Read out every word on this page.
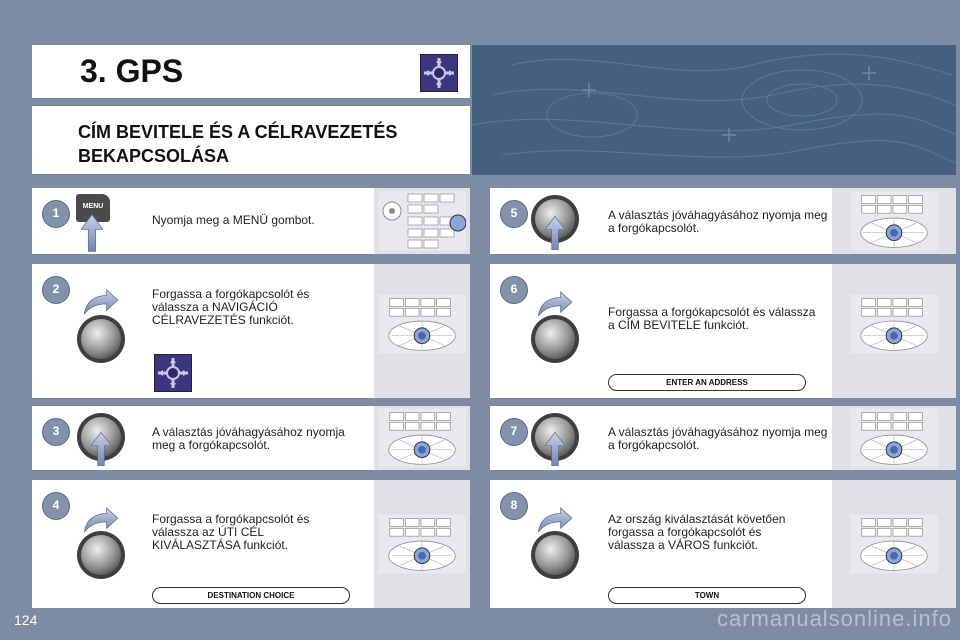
3. GPS
CÍM BEVITELE ÉS A CÉLRAVEZETÉS BEKAPCSOLÁSA
1	MENU
Nyomja meg a MENÜ gombot.
2	Forgassa a forgókapcsolót és válassza a NAVIGÁCIÓ CÉLRAVEZETÉS funkciót.
3	A választás jóváhagyásához nyomja meg a forgókapcsolót.
4
Forgassa a forgókapcsolót és válassza az ÚTI CÉL KIVÁLASZTÁSA funkciót.
DESTINATION CHOICE
5	A választás jóváhagyásához nyomja meg a forgókapcsolót.
6
Forgassa a forgókapcsolót és válassza a CÍM BEVITELE funkciót.
ENTER AN ADDRESS
7	A választás jóváhagyásához nyomja meg a forgókapcsolót.
8
Az ország kiválasztását követően forgassa a forgókapcsolót és válassza a VÁROS funkciót.
TOWN
124	carmanualsonline.info
